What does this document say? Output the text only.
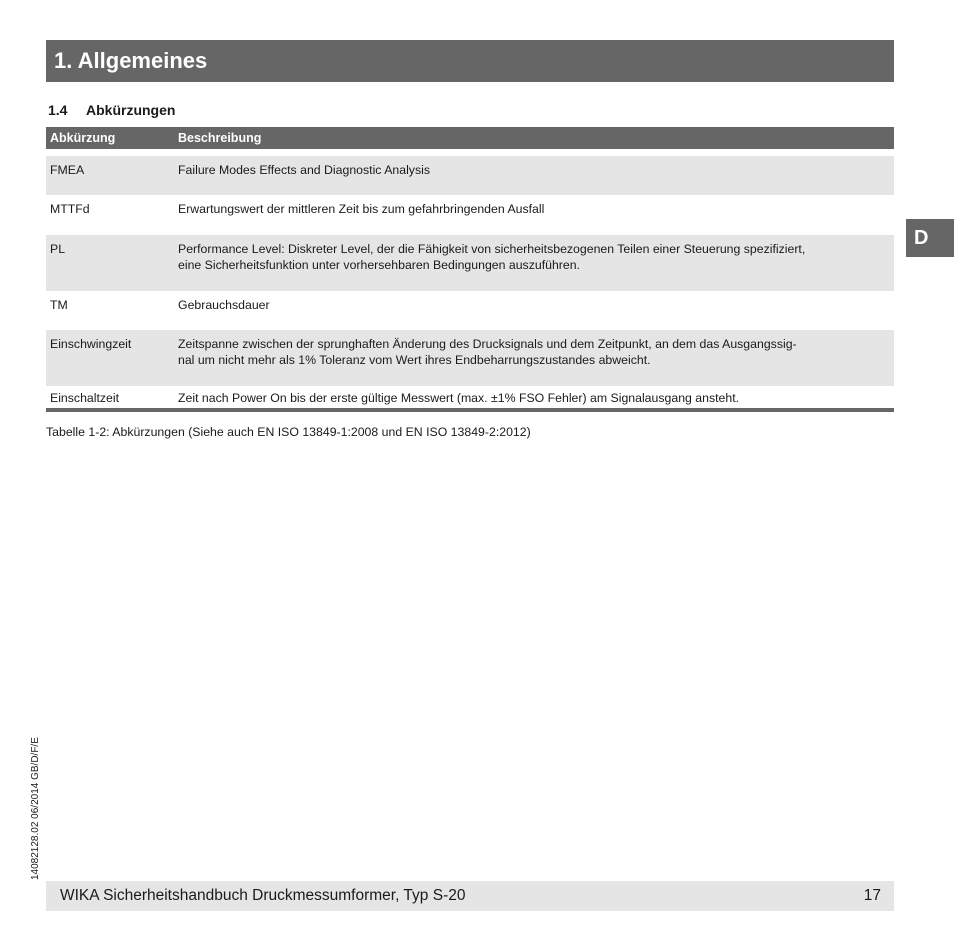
1. Allgemeines
1.4 Abkürzungen
D
Abkürzung	Beschreibung
FMEA	Failure Modes Effects and Diagnostic Analysis
MTTFd	Erwartungswert der mittleren Zeit bis zum gefahrbringenden Ausfall
PL	Performance Level: Diskreter Level, der die Fähigkeit von sicherheitsbezogenen Teilen einer Steuerung spezifiziert,
eine Sicherheitsfunktion unter vorhersehbaren Bedingungen auszuführen.
TM	Gebrauchsdauer
Einschwingzeit	Zeitspanne zwischen der sprunghaften Änderung des Drucksignals und dem Zeitpunkt, an dem das Ausgangssig-
nal um nicht mehr als 1% Toleranz vom Wert ihres Endbeharrungszustandes abweicht.
Einschaltzeit	Zeit nach Power On bis der erste gültige Messwert (max. ±1% FSO Fehler) am Signalausgang ansteht.
Tabelle 1-2: Abkürzungen (Siehe auch EN ISO 13849-1:2008 und EN ISO 13849-2:2012)
14082128.02 06/2014 GB/D/F/E
WIKA Sicherheitshandbuch Druckmessumformer, Typ S-20	17
